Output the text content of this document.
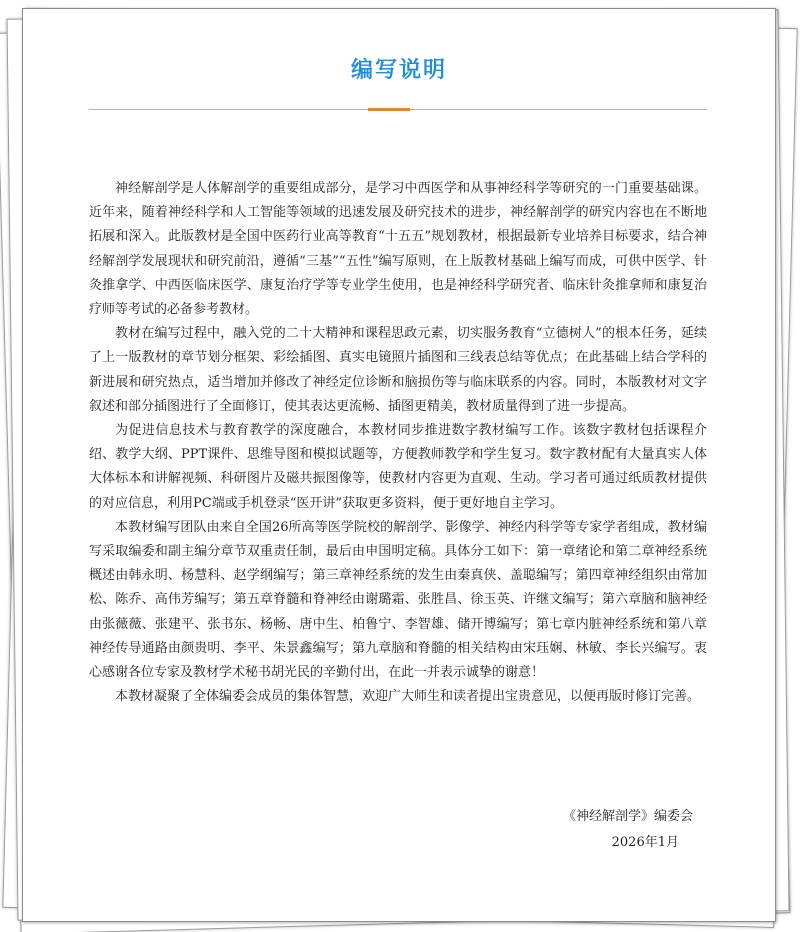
编写说明

神经解剖学是人体解剖学的重要组成部分，是学习中西医学和从事神经科学等研究的一门重要基础课。近年来，随着神经科学和人工智能等领域的迅速发展及研究技术的进步，神经解剖学的研究内容也在不断地拓展和深入。此版教材是全国中医药行业高等教育“十五五”规划教材，根据最新专业培养目标要求，结合神经解剖学发展现状和研究前沿，遵循“三基”“五性”编写原则，在上版教材基础上编写而成，可供中医学、针灸推拿学、中西医临床医学、康复治疗学等专业学生使用，也是神经科学研究者、临床针灸推拿师和康复治疗师等考试的必备参考教材。

教材在编写过程中，融入党的二十大精神和课程思政元素，切实服务教育“立德树人”的根本任务，延续了上一版教材的章节划分框架、彩绘插图、真实电镜照片插图和三线表总结等优点；在此基础上结合学科的新进展和研究热点，适当增加并修改了神经定位诊断和脑损伤等与临床联系的内容。同时，本版教材对文字叙述和部分插图进行了全面修订，使其表达更流畅、插图更精美，教材质量得到了进一步提高。

为促进信息技术与教育教学的深度融合，本教材同步推进数字教材编写工作。该数字教材包括课程介绍、教学大纲、PPT课件、思维导图和模拟试题等，方便教师教学和学生复习。数字教材配有大量真实人体大体标本和讲解视频、科研图片及磁共振图像等，使教材内容更为直观、生动。学习者可通过纸质教材提供的对应信息，利用PC端或手机登录“医开讲”获取更多资料，便于更好地自主学习。

本教材编写团队由来自全国26所高等医学院校的解剖学、影像学、神经内科学等专家学者组成，教材编写采取编委和副主编分章节双重责任制，最后由申国明定稿。具体分工如下：第一章绪论和第二章神经系统概述由韩永明、杨慧科、赵学纲编写；第三章神经系统的发生由秦真侠、盖聪编写；第四章神经组织由常加松、陈乔、高伟芳编写；第五章脊髓和脊神经由谢璐霜、张胜昌、徐玉英、许继文编写；第六章脑和脑神经由张薇薇、张建平、张书东、杨畅、唐中生、柏鲁宁、李智雄、储开博编写；第七章内脏神经系统和第八章神经传导通路由颜贵明、李平、朱景鑫编写；第九章脑和脊髓的相关结构由宋珏娴、林敏、李长兴编写。衷心感谢各位专家及教材学术秘书胡光民的辛勤付出，在此一并表示诚挚的谢意！

本教材凝聚了全体编委会成员的集体智慧，欢迎广大师生和读者提出宝贵意见，以便再版时修订完善。

《神经解剖学》编委会
2026年1月
